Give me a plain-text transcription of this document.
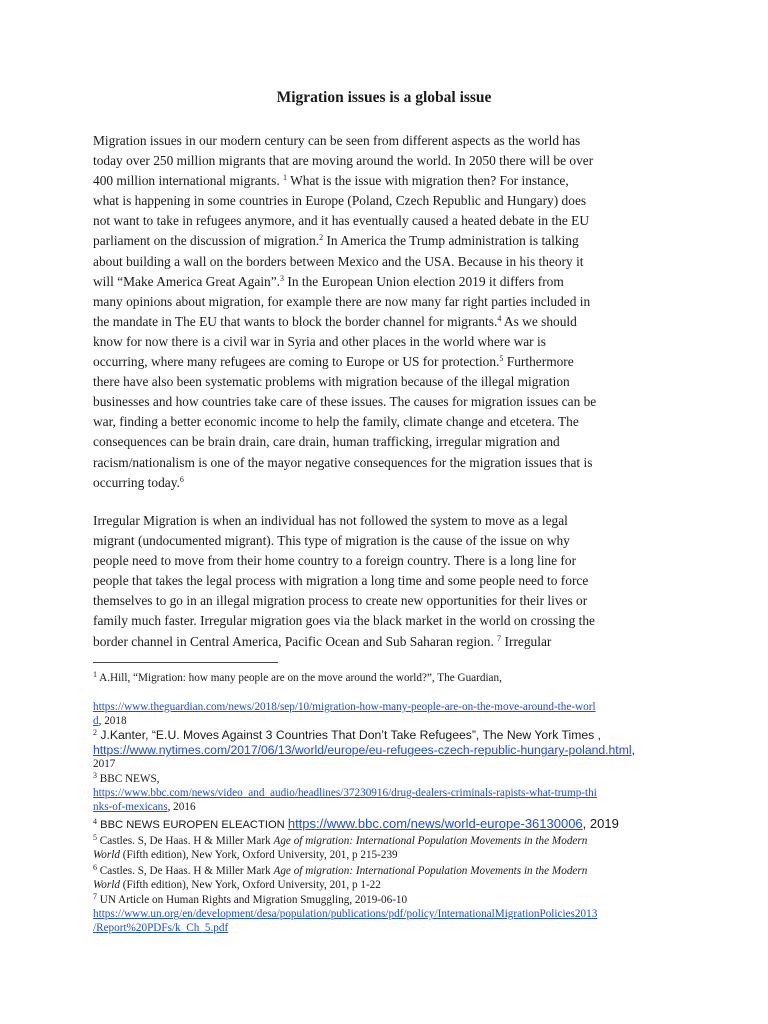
Migration issues is a global issue
Migration issues in our modern century can be seen from different aspects as the world has
today over 250 million migrants that are moving around the world. In 2050 there will be over
400 million international migrants. $^1$ What is the issue with migration then? For instance,
what is happening in some countries in Europe (Poland, Czech Republic and Hungary) does
not want to take in refugees anymore, and it has eventually caused a heated debate in the EU
parliament on the discussion of migration.$^2$ In America the Trump administration is talking
about building a wall on the borders between Mexico and the USA. Because in his theory it
will “Make America Great Again”.$^3$ In the European Union election 2019 it differs from
many opinions about migration, for example there are now many far right parties included in
the mandate in The EU that wants to block the border channel for migrants.$^4$ As we should
know for now there is a civil war in Syria and other places in the world where war is
occurring, where many refugees are coming to Europe or US for protection.$^5$ Furthermore
there have also been systematic problems with migration because of the illegal migration
businesses and how countries take care of these issues. The causes for migration issues can be
war, finding a better economic income to help the family, climate change and etcetera. The
consequences can be brain drain, care drain, human trafficking, irregular migration and
racism/nationalism is one of the mayor negative consequences for the migration issues that is
occurring today.$^6$
Irregular Migration is when an individual has not followed the system to move as a legal
migrant (undocumented migrant). This type of migration is the cause of the issue on why
people need to move from their home country to a foreign country. There is a long line for
people that takes the legal process with migration a long time and some people need to force
themselves to go in an illegal migration process to create new opportunities for their lives or
family much faster. Irregular migration goes via the black market in the world on crossing the
border channel in Central America, Pacific Ocean and Sub Saharan region. $^7$ Irregular
$^1$ A.Hill, “Migration: how many people are on the move around the world?”, The Guardian,
https://www.theguardian.com/news/2018/sep/10/migration-how-many-people-are-on-the-move-around-the-worl
d, 2018
$^2$ J.Kanter, “E.U. Moves Against 3 Countries That Don’t Take Refugees”, The New York Times ,
https://www.nytimes.com/2017/06/13/world/europe/eu-refugees-czech-republic-hungary-poland.html,
2017
$^3$ BBC NEWS,
https://www.bbc.com/news/video_and_audio/headlines/37230916/drug-dealers-criminals-rapists-what-trump-thi
nks-of-mexicans, 2016
$^4$ BBC NEWS EUROPEN ELEACTION https://www.bbc.com/news/world-europe-36130006, 2019
$^5$ Castles. S, De Haas. H & Miller Mark Age of migration: International Population Movements in the Modern
World (Fifth edition), New York, Oxford University, 201, p 215-239
$^6$ Castles. S, De Haas. H & Miller Mark Age of migration: International Population Movements in the Modern
World (Fifth edition), New York, Oxford University, 201, p 1-22
$^7$ UN Article on Human Rights and Migration Smuggling, 2019-06-10
https://www.un.org/en/development/desa/population/publications/pdf/policy/InternationalMigrationPolicies2013
/Report%20PDFs/k_Ch_5.pdf
